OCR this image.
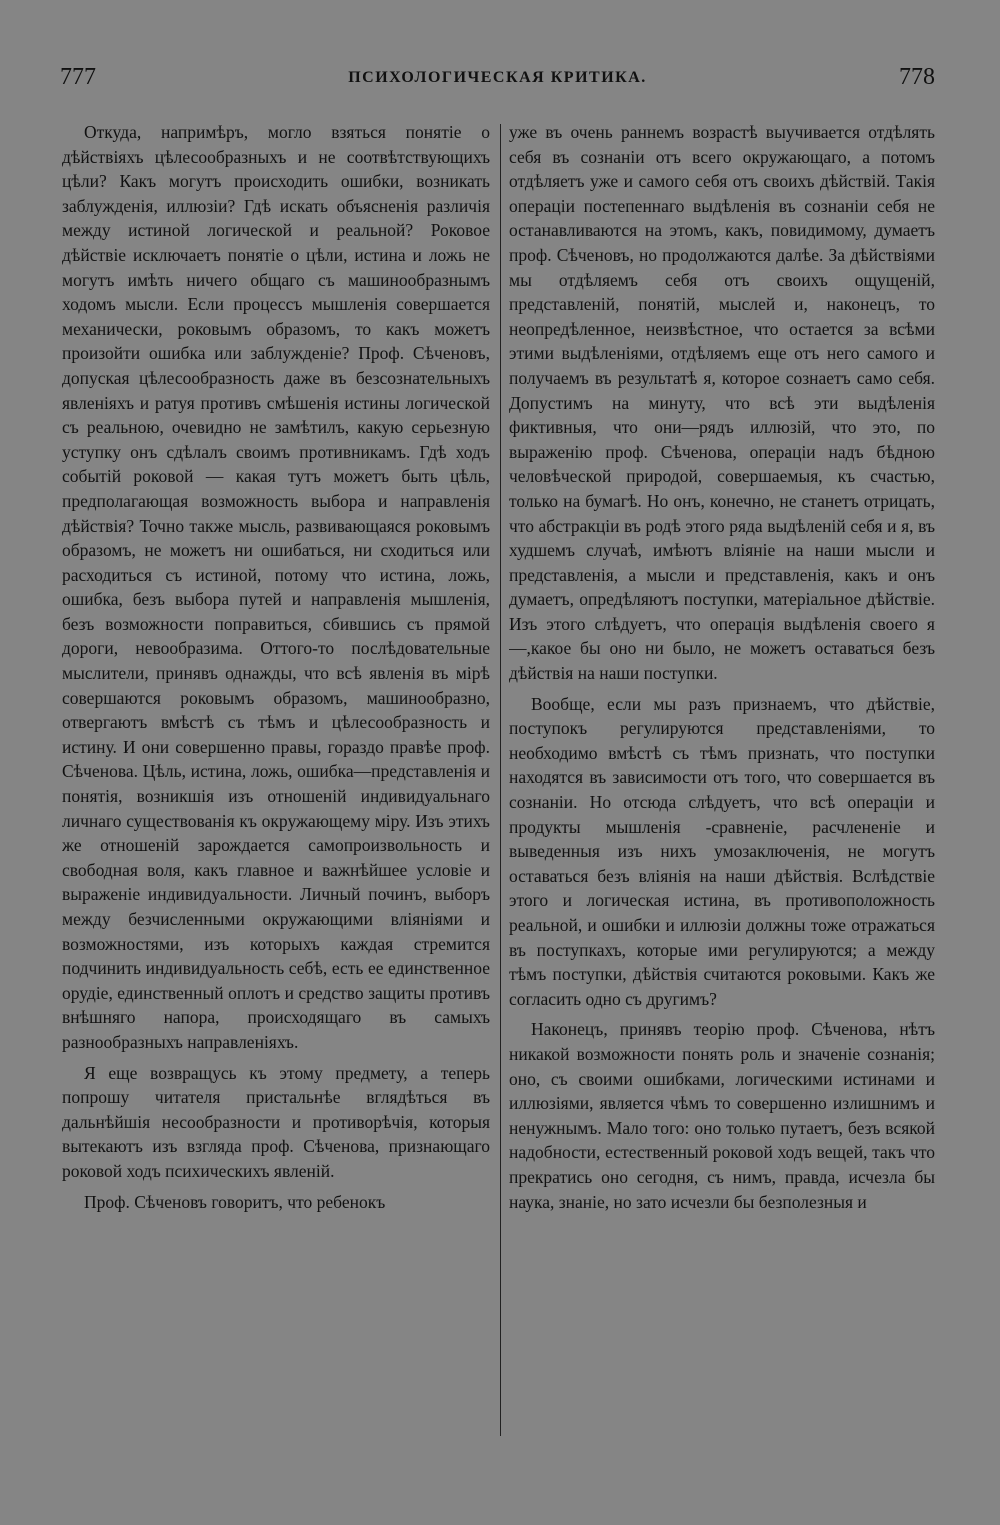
777	ПСИХОЛОГИЧЕСКАЯ КРИТИКА.	778

Откуда, напримѣръ, могло взяться понятіе о дѣйствіяхъ цѣлесообразныхъ и не соотвѣтствующихъ цѣли? Какъ могутъ происходить ошибки, возникать заблужденія, иллюзіи? Гдѣ искать объясненія различія между истиной логической и реальной? Роковое дѣйствіе исключаетъ понятіе о цѣли, истина и ложь не могутъ имѣть ничего общаго съ машинообразнымъ ходомъ мысли. Если процессъ мышленія совершается механически, роковымъ образомъ, то какъ можетъ произойти ошибка или заблужденіе? Проф. Сѣченовъ, допуская цѣлесообразность даже въ безсознательныхъ явленіяхъ и ратуя противъ смѣшенія истины логической съ реальною, очевидно не замѣтилъ, какую серьезную уступку онъ сдѣлалъ своимъ противникамъ. Гдѣ ходъ событій роковой — какая тутъ можетъ быть цѣль, предполагающая возможность выбора и направленія дѣйствія? Точно также мысль, развивающаяся роковымъ образомъ, не можетъ ни ошибаться, ни сходиться или расходиться съ истиной, потому что истина, ложь, ошибка, безъ выбора путей и направленія мышленія, безъ возможности поправиться, сбившись съ прямой дороги, невообразима. Оттого-то послѣдовательные мыслители, принявъ однажды, что всѣ явленія въ мірѣ совершаются роковымъ образомъ, машинообразно, отвергаютъ вмѣстѣ съ тѣмъ и цѣлесообразность и истину. И они совершенно правы, гораздо правѣе проф. Сѣченова. Цѣль, истина, ложь, ошибка—представленія и понятія, возникшія изъ отношеній индивидуальнаго личнаго существованія къ окружающему міру. Изъ этихъ же отношеній зарождается самопроизвольность и свободная воля, какъ главное и важнѣйшее условіе и выраженіе индивидуальности. Личный починъ, выборъ между безчисленными окружающими вліяніями и возможностями, изъ которыхъ каждая стремится подчинить индивидуальность себѣ, есть ее единственное орудіе, единственный оплотъ и средство защиты противъ внѣшняго напора, происходящаго въ самыхъ разнообразныхъ направленіяхъ.

Я еще возвращусь къ этому предмету, а теперь попрошу читателя пристальнѣе вглядѣться въ дальнѣйшія несообразности и противорѣчія, которыя вытекаютъ изъ взгляда проф. Сѣченова, признающаго роковой ходъ психическихъ явленій.

Проф. Сѣченовъ говоритъ, что ребенокъ

уже въ очень раннемъ возрастѣ выучивается отдѣлять себя въ сознаніи отъ всего окружающаго, а потомъ отдѣляетъ уже и самого себя отъ своихъ дѣйствій. Такія операціи постепеннаго выдѣленія въ сознаніи себя не останавливаются на этомъ, какъ, повидимому, думаетъ проф. Сѣченовъ, но продолжаются далѣе. За дѣйствіями мы отдѣляемъ себя отъ своихъ ощущеній, представленій, понятій, мыслей и, наконецъ, то неопредѣленное, неизвѣстное, что остается за всѣми этими выдѣленіями, отдѣляемъ еще отъ него самого и получаемъ въ результатѣ я, которое сознаетъ само себя. Допустимъ на минуту, что всѣ эти выдѣленія фиктивныя, что они—рядъ иллюзій, что это, по выраженію проф. Сѣченова, операціи надъ бѣдною человѣческой природой, совершаемыя, къ счастью, только на бумагѣ. Но онъ, конечно, не станетъ отрицать, что абстракціи въ родѣ этого ряда выдѣленій себя и я, въ худшемъ случаѣ, имѣютъ вліяніе на наши мысли и представленія, а мысли и представленія, какъ и онъ думаетъ, опредѣляютъ поступки, матеріальное дѣйствіе. Изъ этого слѣдуетъ, что операція выдѣленія своего я—,какое бы оно ни было, не можетъ оставаться безъ дѣйствія на наши поступки.

Вообще, если мы разъ признаемъ, что дѣйствіе, поступокъ регулируются представленіями, то необходимо вмѣстѣ съ тѣмъ признать, что поступки находятся въ зависимости отъ того, что совершается въ сознаніи. Но отсюда слѣдуетъ, что всѣ операціи и продукты мышленія -сравненіе, расчлененіе и выведенныя изъ нихъ умозаключенія, не могутъ оставаться безъ вліянія на наши дѣйствія. Вслѣдствіе этого и логическая истина, въ противоположность реальной, и ошибки и иллюзіи должны тоже отражаться въ поступкахъ, которые ими регулируются; а между тѣмъ поступки, дѣйствія считаются роковыми. Какъ же согласить одно съ другимъ?

Наконецъ, принявъ теорію проф. Сѣченова, нѣтъ никакой возможности понять роль и значеніе сознанія; оно, съ своими ошибками, логическими истинами и иллюзіями, является чѣмъ то совершенно излишнимъ и ненужнымъ. Мало того: оно только путаетъ, безъ всякой надобности, естественный роковой ходъ вещей, такъ что прекратись оно сегодня, съ нимъ, правда, исчезла бы наука, знаніе, но зато исчезли бы безполезныя и
